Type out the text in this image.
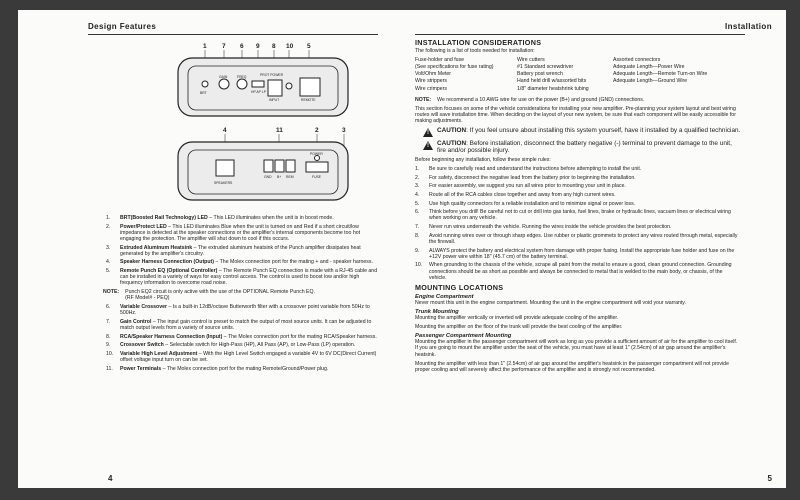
Design Features
1 7 6 9 8 10 5
BRT
GAIN	FREQ
HP AP LP
PROT POWER
INPUT	REMOTE
4	11	2	3
SPEAKERS
POWER
FUSE
GND B+ REM
1. BRT(Boosted Rail Technology) LED – This LED illuminates when the unit is in boost mode.
2. Power/Protect LED – This LED illuminates Blue when the unit is turned on and Red if a short circuit/low impedance is detected at the speaker connections or the amplifier's internal components become too hot engaging the protection. The amplifier will shut down to cool if this occurs.
3. Extruded Aluminum Heatsink – The extruded aluminum heatsink of the Punch amplifier dissipates heat generated by the amplifier's circuitry.
4. Speaker Harness Connection (Output) – The Molex connection port for the mating + and - speaker harness.
5. Remote Punch EQ (Optional Controller) – The Remote Punch EQ connection is made with a RJ-45 cable and can be installed in a variety of ways for easy control access. The control is used to boost low and/or high frequency information to overcome road noise.
NOTE: Punch EQ2 circuit is only active with the use of the OPTIONAL Remote Punch EQ.
(RF Model# - PEQ)
6. Variable Crossover – Is a built-in 12dB/octave Butterworth filter with a crossover point variable from 50Hz to 500Hz.
7. Gain Control – The input gain control is preset to match the output of most source units. It can be adjusted to match output levels from a variety of source units.
8. RCA/Speaker Harness Connection (Input) – The Molex connection port for the mating RCA/Speaker harness.
9. Crossover Switch – Selectable switch for High-Pass (HP), All Pass (AP), or Low-Pass (LP) operation.
10. Variable High Level Adjustment – With the High Level Switch engaged a variable 4V to 6V DC(Direct Current) offset voltage input turn on can be set.
11. Power Terminals – The Molex connection port for the mating Remote/Ground/Power plug.
4
Installation
INSTALLATION CONSIDERATIONS
The following is a list of tools needed for installation:
Fuse-holder and fuse	Wire cutters	Assorted connectors
(See specifications for fuse rating)	#1 Standard screwdriver	Adequate Length—Power Wire
Volt/Ohm Meter	Battery post wrench	Adequate Length—Remote Turn-on Wire
Wire strippers	Hand held drill w/assorted bits	Adequate Length—Ground Wire
Wire crimpers	1/8" diameter heatshrink tubing
NOTE: We recommend a 10 AWG wire for use on the power (B+) and ground (GND) connections.
This section focuses on some of the vehicle considerations for installing your new amplifier. Pre-planning your system layout and best wiring routes will save installation time. When deciding on the layout of your new system, be sure that each component will be easily accessible for making adjustments.
! CAUTION: If you feel unsure about installing this system yourself, have it installed by a qualified technician.
! CAUTION: Before installation, disconnect the battery negative (-) terminal to prevent damage to the unit, fire and/or possible injury.
Before beginning any installation, follow these simple rules:
1. Be sure to carefully read and understand the instructions before attempting to install the unit.
2. For safety, disconnect the negative lead from the battery prior to beginning the installation.
3. For easier assembly, we suggest you run all wires prior to mounting your unit in place.
4. Route all of the RCA cables close together and away from any high current wires.
5. Use high quality connectors for a reliable installation and to minimize signal or power loss.
6. Think before you drill! Be careful not to cut or drill into gas tanks, fuel lines, brake or hydraulic lines, vacuum lines or electrical wiring when working on any vehicle.
7. Never run wires underneath the vehicle. Running the wires inside the vehicle provides the best protection.
8. Avoid running wires over or through sharp edges. Use rubber or plastic grommets to protect any wires routed through metal, especially the firewall.
9. ALWAYS protect the battery and electrical system from damage with proper fusing. Install the appropriate fuse holder and fuse on the +12V power wire within 18" (45.7 cm) of the battery terminal.
10. When grounding to the chassis of the vehicle, scrape all paint from the metal to ensure a good, clean ground connection. Grounding connections should be as short as possible and always be connected to metal that is welded to the main body, or chassis, of the vehicle.
MOUNTING LOCATIONS
Engine Compartment
Never mount this unit in the engine compartment. Mounting the unit in the engine compartment will void your warranty.
Trunk Mounting
Mounting the amplifier vertically or inverted will provide adequate cooling of the amplifier.
Mounting the amplifier on the floor of the trunk will provide the best cooling of the amplifier.
Passenger Compartment Mounting
Mounting the amplifier in the passenger compartment will work as long as you provide a sufficient amount of air for the amplifier to cool itself. If you are going to mount the amplifier under the seat of the vehicle, you must have at least 1" (2.54cm) of air gap around the amplifier's heatsink.
Mounting the amplifier with less than 1" (2.54cm) of air gap around the amplifier's heatsink in the passenger compartment will not provide proper cooling and will severely affect the performance of the amplifier and is strongly not recommended.
5
